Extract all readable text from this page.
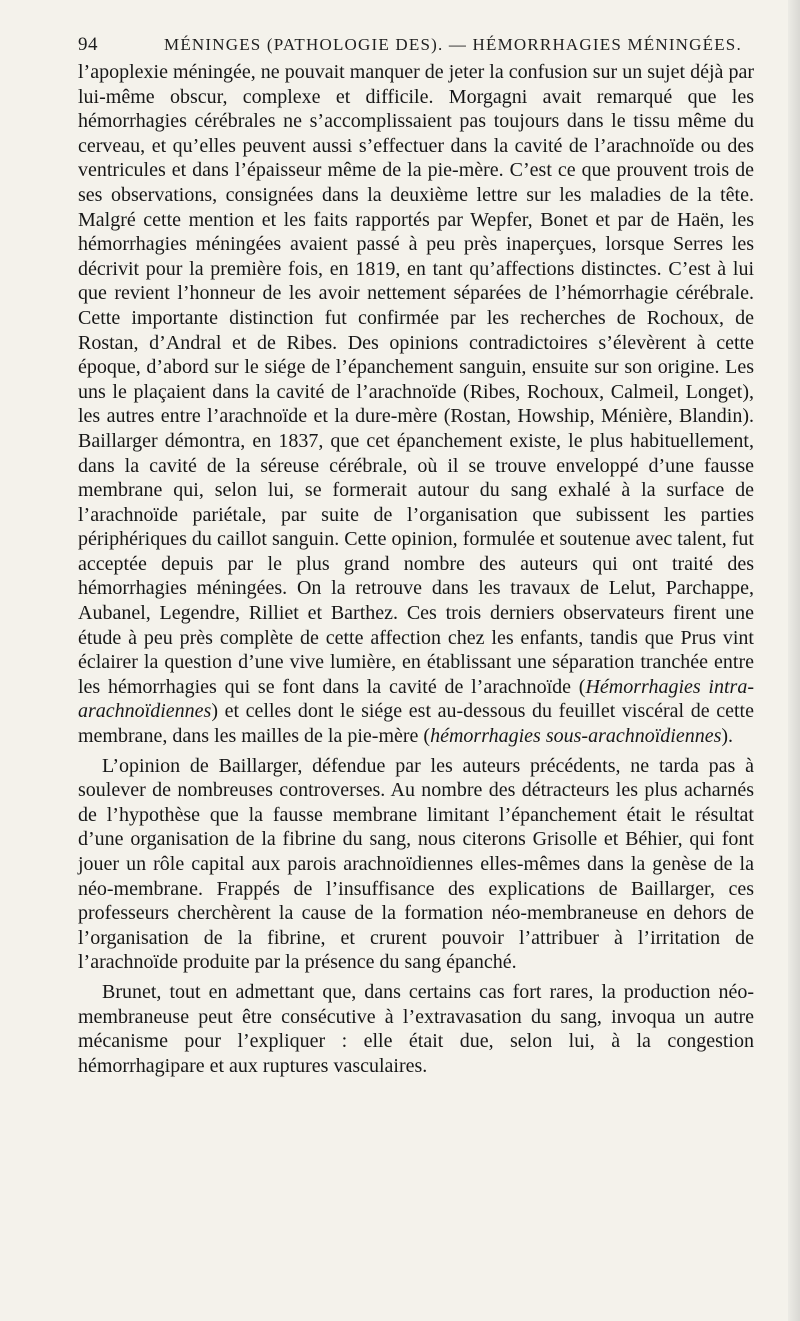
94	MÉNINGES (PATHOLOGIE DES). — HÉMORRHAGIES MÉNINGÉES.

l’apoplexie méningée, ne pouvait manquer de jeter la confusion sur un sujet déjà par lui-même obscur, complexe et difficile. Morgagni avait remarqué que les hémorrhagies cérébrales ne s’accomplissaient pas toujours dans le tissu même du cerveau, et qu’elles peuvent aussi s’effectuer dans la cavité de l’arachnoïde ou des ventricules et dans l’épaisseur même de la pie-mère. C’est ce que prouvent trois de ses observations, consignées dans la deuxième lettre sur les maladies de la tête. Malgré cette mention et les faits rapportés par Wepfer, Bonet et par de Haën, les hémorrhagies méningées avaient passé à peu près inaperçues, lorsque Serres les décrivit pour la première fois, en 1819, en tant qu’affections distinctes. C’est à lui que revient l’honneur de les avoir nettement séparées de l’hémorrhagie cérébrale. Cette importante distinction fut confirmée par les recherches de Rochoux, de Rostan, d’Andral et de Ribes. Des opinions contradictoires s’élevèrent à cette époque, d’abord sur le siége de l’épanchement sanguin, ensuite sur son origine. Les uns le plaçaient dans la cavité de l’arachnoïde (Ribes, Rochoux, Calmeil, Longet), les autres entre l’arachnoïde et la dure-mère (Rostan, Howship, Ménière, Blandin). Baillarger démontra, en 1837, que cet épanchement existe, le plus habituellement, dans la cavité de la séreuse cérébrale, où il se trouve enveloppé d’une fausse membrane qui, selon lui, se formerait autour du sang exhalé à la surface de l’arachnoïde pariétale, par suite de l’organisation que subissent les parties périphériques du caillot sanguin. Cette opinion, formulée et soutenue avec talent, fut acceptée depuis par le plus grand nombre des auteurs qui ont traité des hémorrhagies méningées. On la retrouve dans les travaux de Lelut, Parchappe, Aubanel, Legendre, Rilliet et Barthez. Ces trois derniers observateurs firent une étude à peu près complète de cette affection chez les enfants, tandis que Prus vint éclairer la question d’une vive lumière, en établissant une séparation tranchée entre les hémorrhagies qui se font dans la cavité de l’arachnoïde (Hémorrhagies intra-arachnoïdiennes) et celles dont le siége est au-dessous du feuillet viscéral de cette membrane, dans les mailles de la pie-mère (hémorrhagies sous-arachnoïdiennes).

L’opinion de Baillarger, défendue par les auteurs précédents, ne tarda pas à soulever de nombreuses controverses. Au nombre des détracteurs les plus acharnés de l’hypothèse que la fausse membrane limitant l’épanchement était le résultat d’une organisation de la fibrine du sang, nous citerons Grisolle et Béhier, qui font jouer un rôle capital aux parois arachnoïdiennes elles-mêmes dans la genèse de la néo-membrane. Frappés de l’insuffisance des explications de Baillarger, ces professeurs cherchèrent la cause de la formation néo-membraneuse en dehors de l’organisation de la fibrine, et crurent pouvoir l’attribuer à l’irritation de l’arachnoïde produite par la présence du sang épanché.

Brunet, tout en admettant que, dans certains cas fort rares, la production néo-membraneuse peut être consécutive à l’extravasation du sang, invoqua un autre mécanisme pour l’expliquer : elle était due, selon lui, à la congestion hémorrhagipare et aux ruptures vasculaires.
